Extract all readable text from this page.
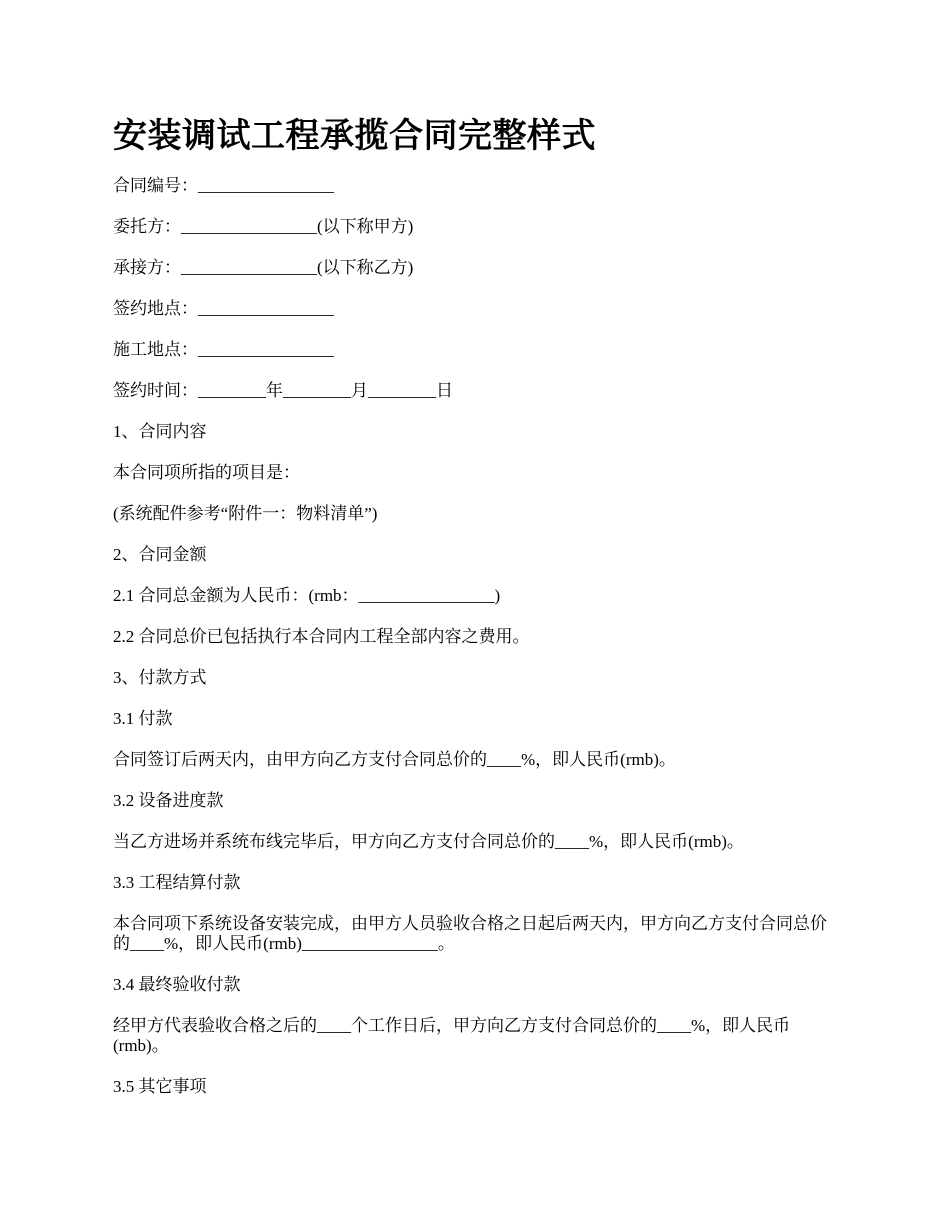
安装调试工程承揽合同完整样式
合同编号：________________
委托方：________________(以下称甲方)
承接方：________________(以下称乙方)
签约地点：________________
施工地点：________________
签约时间：________年________月________日
1、合同内容
本合同项所指的项目是：
(系统配件参考“附件一：物料清单”)
2、合同金额
2.1 合同总金额为人民币：(rmb：________________)
2.2 合同总价已包括执行本合同内工程全部内容之费用。
3、付款方式
3.1 付款
合同签订后两天内，由甲方向乙方支付合同总价的____%，即人民币(rmb)。
3.2 设备进度款
当乙方进场并系统布线完毕后，甲方向乙方支付合同总价的____%，即人民币(rmb)。
3.3 工程结算付款
本合同项下系统设备安装完成，由甲方人员验收合格之日起后两天内，甲方向乙方支付合同总价的____%，即人民币(rmb)________________。
3.4 最终验收付款
经甲方代表验收合格之后的____个工作日后，甲方向乙方支付合同总价的____%，即人民币(rmb)。
3.5 其它事项
